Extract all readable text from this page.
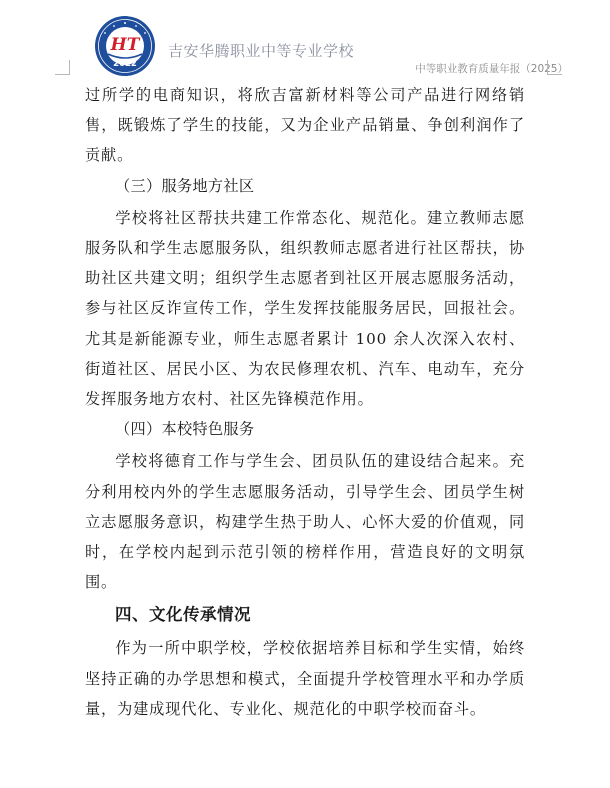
HT
2022
吉安华腾职业中等专业学校
中等职业教育质量年报（2025）

过所学的电商知识，将欣吉富新材料等公司产品进行网络销售，既锻炼了学生的技能，又为企业产品销量、争创利润作了贡献。

（三）服务地方社区

学校将社区帮扶共建工作常态化、规范化。建立教师志愿服务队和学生志愿服务队，组织教师志愿者进行社区帮扶，协助社区共建文明；组织学生志愿者到社区开展志愿服务活动，参与社区反诈宣传工作，学生发挥技能服务居民，回报社会。尤其是新能源专业，师生志愿者累计 100 余人次深入农村、街道社区、居民小区、为农民修理农机、汽车、电动车，充分发挥服务地方农村、社区先锋模范作用。

（四）本校特色服务

学校将德育工作与学生会、团员队伍的建设结合起来。充分利用校内外的学生志愿服务活动，引导学生会、团员学生树立志愿服务意识，构建学生热于助人、心怀大爱的价值观，同时，在学校内起到示范引领的榜样作用，营造良好的文明氛围。

四、文化传承情况

作为一所中职学校，学校依据培养目标和学生实情，始终坚持正确的办学思想和模式，全面提升学校管理水平和办学质量，为建成现代化、专业化、规范化的中职学校而奋斗。
